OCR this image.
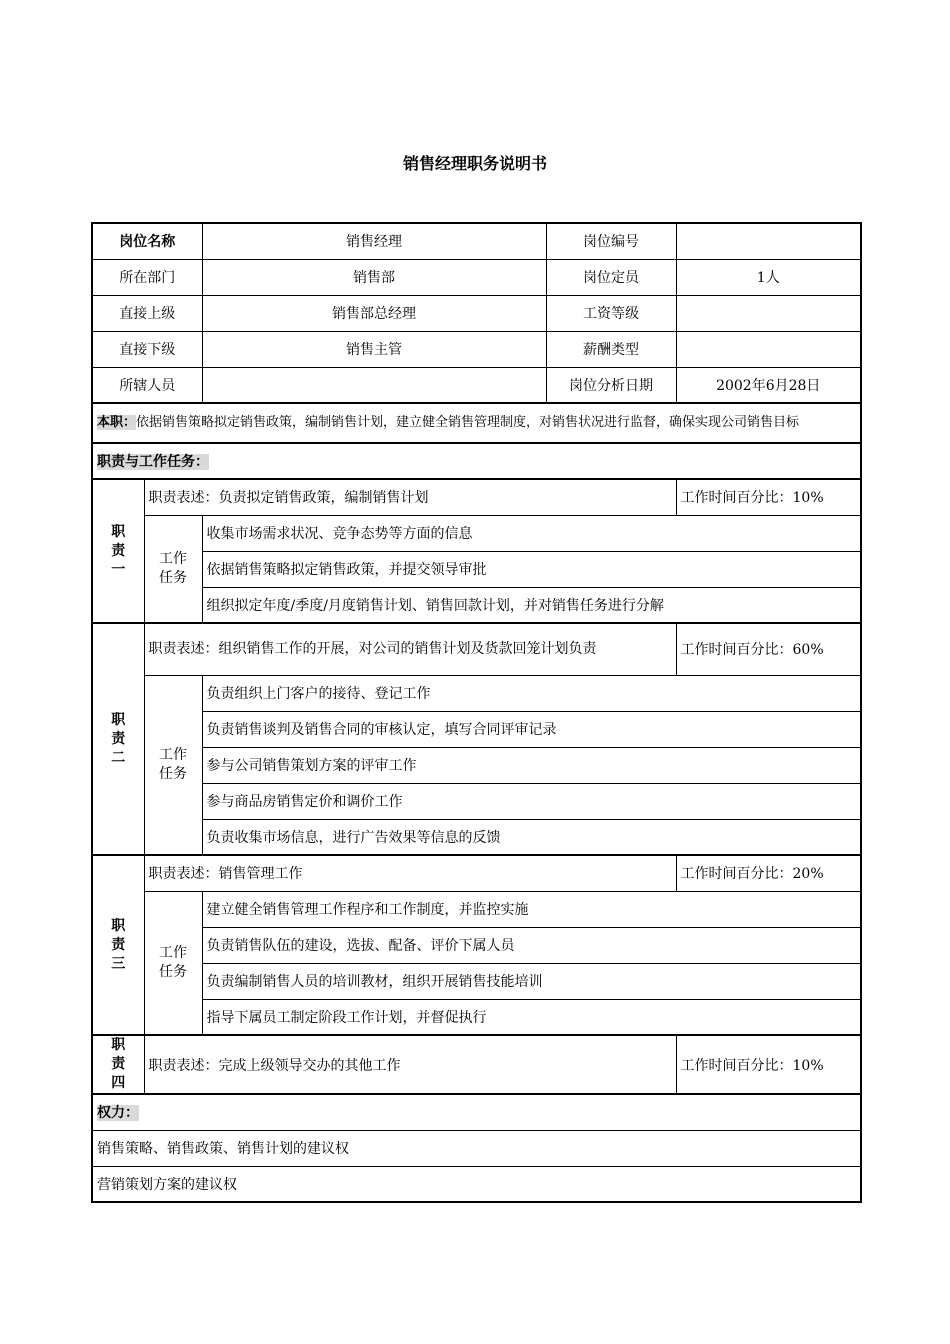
销售经理职务说明书
岗位名称		销售经理	岗位编号	
所在部门		销售部	岗位定员	1人
直接上级		销售部总经理	工资等级	
直接下级		销售主管	薪酬类型	
所辖人员			岗位分析日期	2002年6月28日
本职：依据销售策略拟定销售政策，编制销售计划，建立健全销售管理制度，对销售状况进行监督，确保实现公司销售目标				
职责与工作任务：				
职
责
一	职责表述：负责拟定销售政策，编制销售计划			工作时间百分比：10%
	工作
任务	收集市场需求状况、竞争态势等方面的信息		
		依据销售策略拟定销售政策，并提交领导审批		
		组织拟定年度/季度/月度销售计划、销售回款计划，并对销售任务进行分解		
职
责
二	职责表述：组织销售工作的开展，对公司的销售计划及货款回笼计划负责			工作时间百分比：60%
	工作
任务	负责组织上门客户的接待、登记工作		
		负责销售谈判及销售合同的审核认定，填写合同评审记录		
		参与公司销售策划方案的评审工作		
		参与商品房销售定价和调价工作		
		负责收集市场信息，进行广告效果等信息的反馈		
职
责
三	职责表述：销售管理工作			工作时间百分比：20%
	工作
任务	建立健全销售管理工作程序和工作制度，并监控实施		
		负责销售队伍的建设，选拔、配备、评价下属人员		
		负责编制销售人员的培训教材，组织开展销售技能培训		
		指导下属员工制定阶段工作计划，并督促执行		
职
责
四	职责表述：完成上级领导交办的其他工作			工作时间百分比：10%
权力：				
销售策略、销售政策、销售计划的建议权				
营销策划方案的建议权				
